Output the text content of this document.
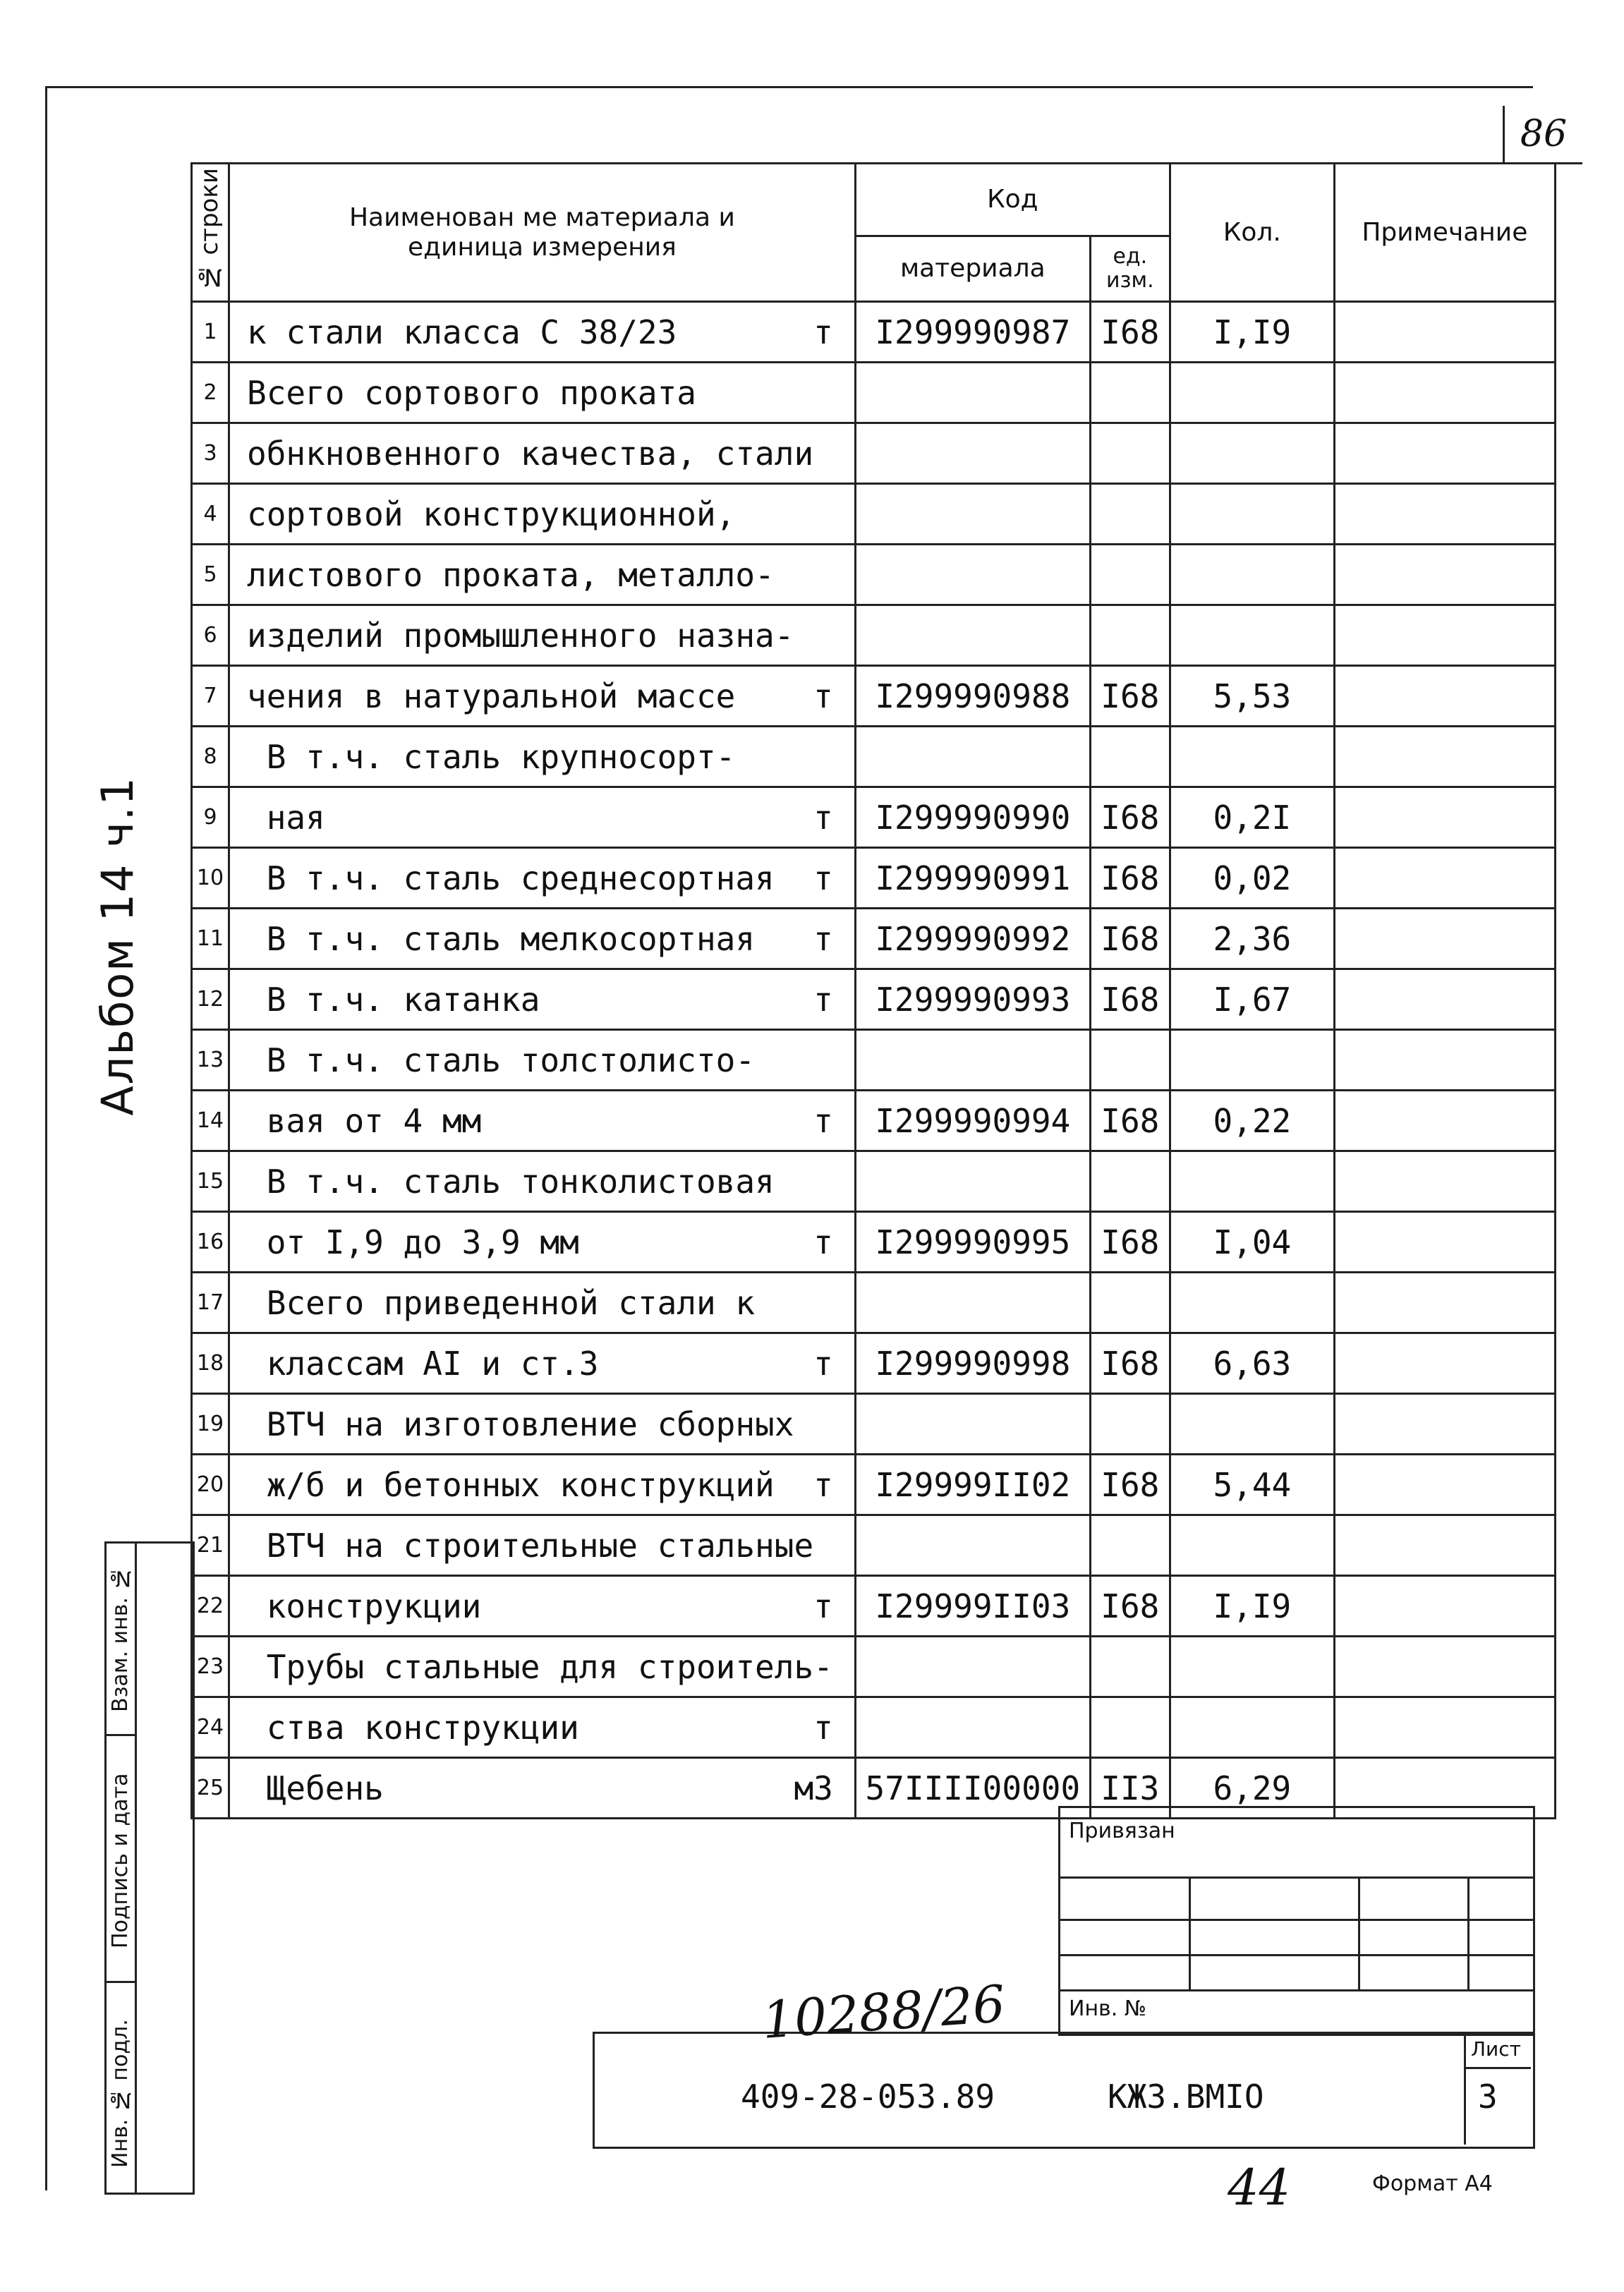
86
Альбом 14 ч.1
№ строки	Наименован ме материала и
единица измерения	Код		Кол.	Примечание
		материала	ед. изм.		
1	к стали класса С 38/23 т	I299990987	I68	I,I9	
2	Всего сортового проката				

3	обнкновенного качества, стали				

4	сортовой конструкционной,				

5	листового проката, металло-				

6	изделий промышленного назна-				

7	чения в натуральной массе т	I299990988	I68	5,53	
8	В т.ч. сталь крупносорт-				

9	ная т	I299990990	I68	0,2I	
10	В т.ч. сталь среднесортная т	I299990991	I68	0,02	
11	В т.ч. сталь мелкосортная т	I299990992	I68	2,36	
12	В т.ч. катанка т	I299990993	I68	I,67	
13	В т.ч. сталь толстолисто-				

14	вая от 4 мм т	I299990994	I68	0,22	
15	В т.ч. сталь тонколистовая				

16	от I,9 до 3,9 мм т	I299990995	I68	I,04	
17	Всего приведенной стали к				

18	классам АI и ст.3 т	I299990998	I68	6,63	
19	ВТЧ на изготовление сборных				

20	ж/б и бетонных конструкций т	I29999II02	I68	5,44	
21	ВТЧ на строительные стальные				

22	конструкции т	I29999II03	I68	I,I9	
23	Трубы стальные для строитель-				

24	ства конструкции т				

25	Щебень м3	57IIII00000	II3	6,29	
Инв. № подл.
Подпись и дата
Взам. инв. №
Привязан
Инв. №
Лист
3
409-28-053.89	КЖЗ.ВМIО
10288/26
44	Формат А4
